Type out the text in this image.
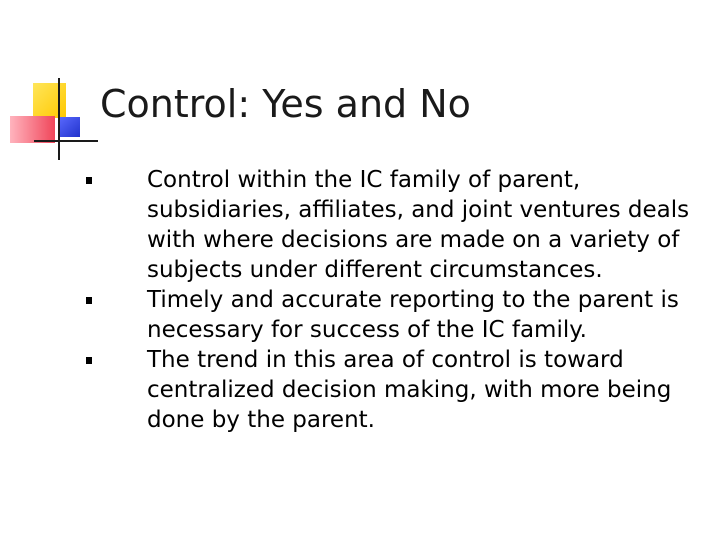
Control: Yes and No
Control within the IC family of parent, subsidiaries, affiliates, and joint ventures deals with where decisions are made on a variety of subjects under different circumstances.
Timely and accurate reporting to the parent is necessary for success of the IC family.
The trend in this area of control is toward centralized decision making, with more being done by the parent.
